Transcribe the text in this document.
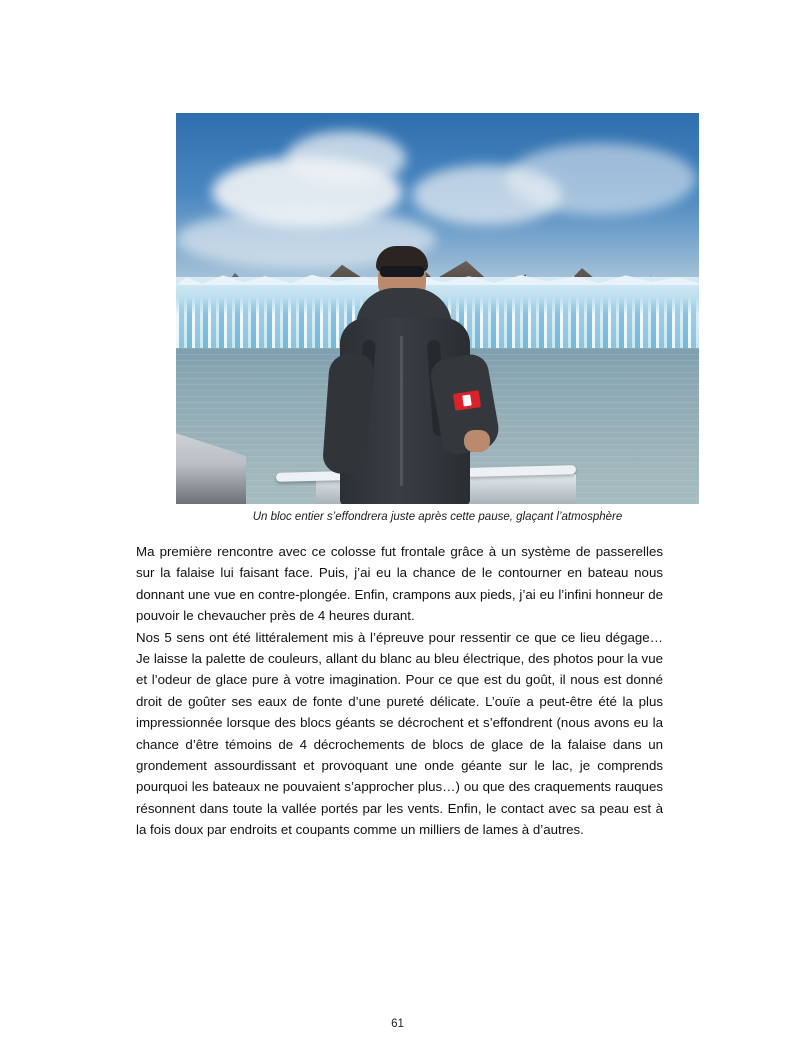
Un bloc entier s’effondrera juste après cette pause, glaçant l’atmosphère

Ma première rencontre avec ce colosse fut frontale grâce à un système de passerelles sur la falaise lui faisant face. Puis, j’ai eu la chance de le contourner en bateau nous donnant une vue en contre-plongée. Enfin, crampons aux pieds, j’ai eu l’infini honneur de pouvoir le chevaucher près de 4 heures durant.

Nos 5 sens ont été littéralement mis à l’épreuve pour ressentir ce que ce lieu dégage… Je laisse la palette de couleurs, allant du blanc au bleu électrique, des photos pour la vue et l’odeur de glace pure à votre imagination. Pour ce que est du goût, il nous est donné droit de goûter ses eaux de fonte d’une pureté délicate. L’ouïe a peut-être été la plus impressionnée lorsque des blocs géants se décrochent et s’effondrent (nous avons eu la chance d’être témoins de 4 décrochements de blocs de glace de la falaise dans un grondement assourdissant et provoquant une onde géante sur le lac, je comprends pourquoi les bateaux ne pouvaient s’approcher plus…) ou que des craquements rauques résonnent dans toute la vallée portés par les vents. Enfin, le contact avec sa peau est à la fois doux par endroits et coupants comme un milliers de lames à d’autres.

61
